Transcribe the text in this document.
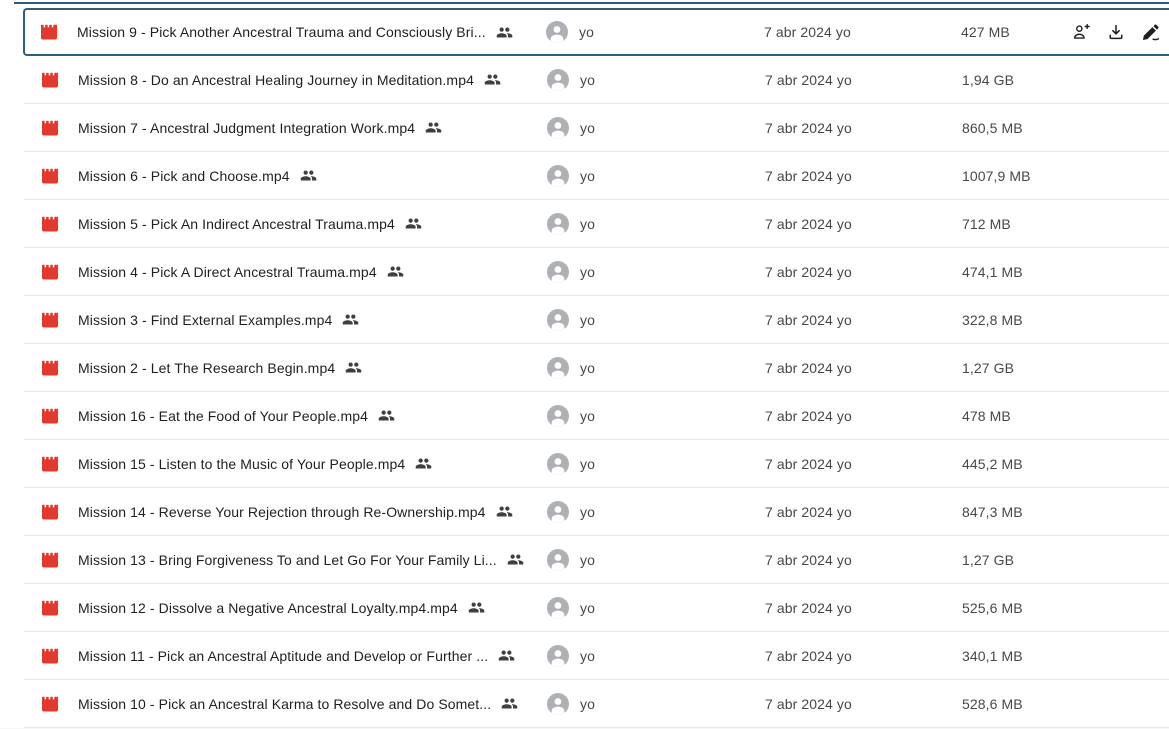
Mission 9 - Pick Another Ancestral Trauma and Consciously Bri...	yo	7 abr 2024 yo	427 MB
Mission 8 - Do an Ancestral Healing Journey in Meditation.mp4	yo	7 abr 2024 yo	1,94 GB
Mission 7 - Ancestral Judgment Integration Work.mp4	yo	7 abr 2024 yo	860,5 MB
Mission 6 - Pick and Choose.mp4	yo	7 abr 2024 yo	1007,9 MB
Mission 5 - Pick An Indirect Ancestral Trauma.mp4	yo	7 abr 2024 yo	712 MB
Mission 4 - Pick A Direct Ancestral Trauma.mp4	yo	7 abr 2024 yo	474,1 MB
Mission 3 - Find External Examples.mp4	yo	7 abr 2024 yo	322,8 MB
Mission 2 - Let The Research Begin.mp4	yo	7 abr 2024 yo	1,27 GB
Mission 16 - Eat the Food of Your People.mp4	yo	7 abr 2024 yo	478 MB
Mission 15 - Listen to the Music of Your People.mp4	yo	7 abr 2024 yo	445,2 MB
Mission 14 - Reverse Your Rejection through Re-Ownership.mp4	yo	7 abr 2024 yo	847,3 MB
Mission 13 - Bring Forgiveness To and Let Go For Your Family Li...	yo	7 abr 2024 yo	1,27 GB
Mission 12 - Dissolve a Negative Ancestral Loyalty.mp4.mp4	yo	7 abr 2024 yo	525,6 MB
Mission 11 - Pick an Ancestral Aptitude and Develop or Further ...	yo	7 abr 2024 yo	340,1 MB
Mission 10 - Pick an Ancestral Karma to Resolve and Do Somet...	yo	7 abr 2024 yo	528,6 MB
